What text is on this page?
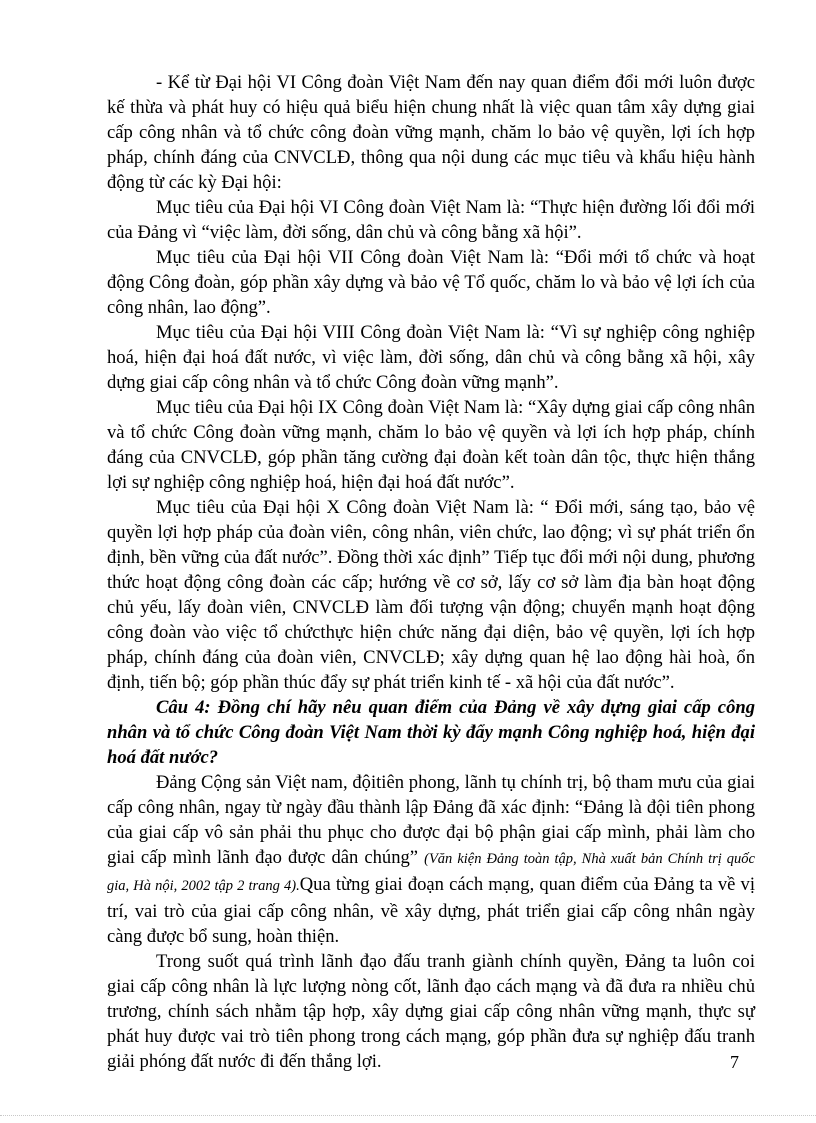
- Kể từ Đại hội VI Công đoàn Việt Nam đến nay quan điểm đổi mới luôn được kế thừa và phát huy có hiệu quả biểu hiện chung nhất là việc quan tâm xây dựng giai cấp công nhân và tổ chức công đoàn vững mạnh, chăm lo bảo vệ quyền, lợi ích hợp pháp, chính đáng của CNVCLĐ, thông qua nội dung các mục tiêu và khẩu hiệu hành động từ các kỳ Đại hội:

Mục tiêu của Đại hội VI Công đoàn Việt Nam là: “Thực hiện đường lối đổi mới của Đảng vì “việc làm, đời sống, dân chủ và công bằng xã hội”.

Mục tiêu của Đại hội VII Công đoàn Việt Nam là: “Đổi mới tổ chức và hoạt động Công đoàn, góp phần xây dựng và bảo vệ Tổ quốc, chăm lo và bảo vệ lợi ích của công nhân, lao động”.

Mục tiêu của Đại hội VIII Công đoàn Việt Nam là: “Vì sự nghiệp công nghiệp hoá, hiện đại hoá đất nước, vì việc làm, đời sống, dân chủ và công bằng xã hội, xây dựng giai cấp công nhân và tổ chức Công đoàn vững mạnh”.

Mục tiêu của Đại hội IX Công đoàn Việt Nam là: “Xây dựng giai cấp công nhân và tổ chức Công đoàn vững mạnh, chăm lo bảo vệ quyền và lợi ích hợp pháp, chính đáng của CNVCLĐ, góp phần tăng cường đại đoàn kết toàn dân tộc, thực hiện thắng lợi sự nghiệp công nghiệp hoá, hiện đại hoá đất nước”.

Mục tiêu của Đại hội X Công đoàn Việt Nam là: “ Đổi mới, sáng tạo, bảo vệ quyền lợi hợp pháp của đoàn viên, công nhân, viên chức, lao động; vì sự phát triển ổn định, bền vững của đất nước”. Đồng thời xác định” Tiếp tục đổi mới nội dung, phương thức hoạt động công đoàn các cấp; hướng về cơ sở, lấy cơ sở làm địa bàn hoạt động chủ yếu, lấy đoàn viên, CNVCLĐ làm đối tượng vận động; chuyển mạnh hoạt động công đoàn vào việc tổ chứcthực hiện chức năng đại diện, bảo vệ quyền, lợi ích hợp pháp, chính đáng của đoàn viên, CNVCLĐ; xây dựng quan hệ lao động hài hoà, ổn định, tiến bộ; góp phần thúc đẩy sự phát triển kinh tế - xã hội của đất nước”.

Câu 4: Đồng chí hãy nêu quan điểm của Đảng về xây dựng giai cấp công nhân và tổ chức Công đoàn Việt Nam thời kỳ đẩy mạnh Công nghiệp hoá, hiện đại hoá đất nước?

Đảng Cộng sản Việt nam, độitiên phong, lãnh tụ chính trị, bộ tham mưu của giai cấp công nhân, ngay từ ngày đầu thành lập Đảng đã xác định: “Đảng là đội tiên phong của giai cấp vô sản phải thu phục cho được đại bộ phận giai cấp mình, phải làm cho giai cấp mình lãnh đạo được dân chúng” (Văn kiện Đảng toàn tập, Nhà xuất bản Chính trị quốc gia, Hà nội, 2002 tập 2 trang 4).Qua từng giai đoạn cách mạng, quan điểm của Đảng ta về vị trí, vai trò của giai cấp công nhân, về xây dựng, phát triển giai cấp công nhân ngày càng được bổ sung, hoàn thiện.

Trong suốt quá trình lãnh đạo đấu tranh giành chính quyền, Đảng ta luôn coi giai cấp công nhân là lực lượng nòng cốt, lãnh đạo cách mạng và đã đưa ra nhiều chủ trương, chính sách nhằm tập hợp, xây dựng giai cấp công nhân vững mạnh, thực sự phát huy được vai trò tiên phong trong cách mạng, góp phần đưa sự nghiệp đấu tranh giải phóng đất nước đi đến thắng lợi.	7
